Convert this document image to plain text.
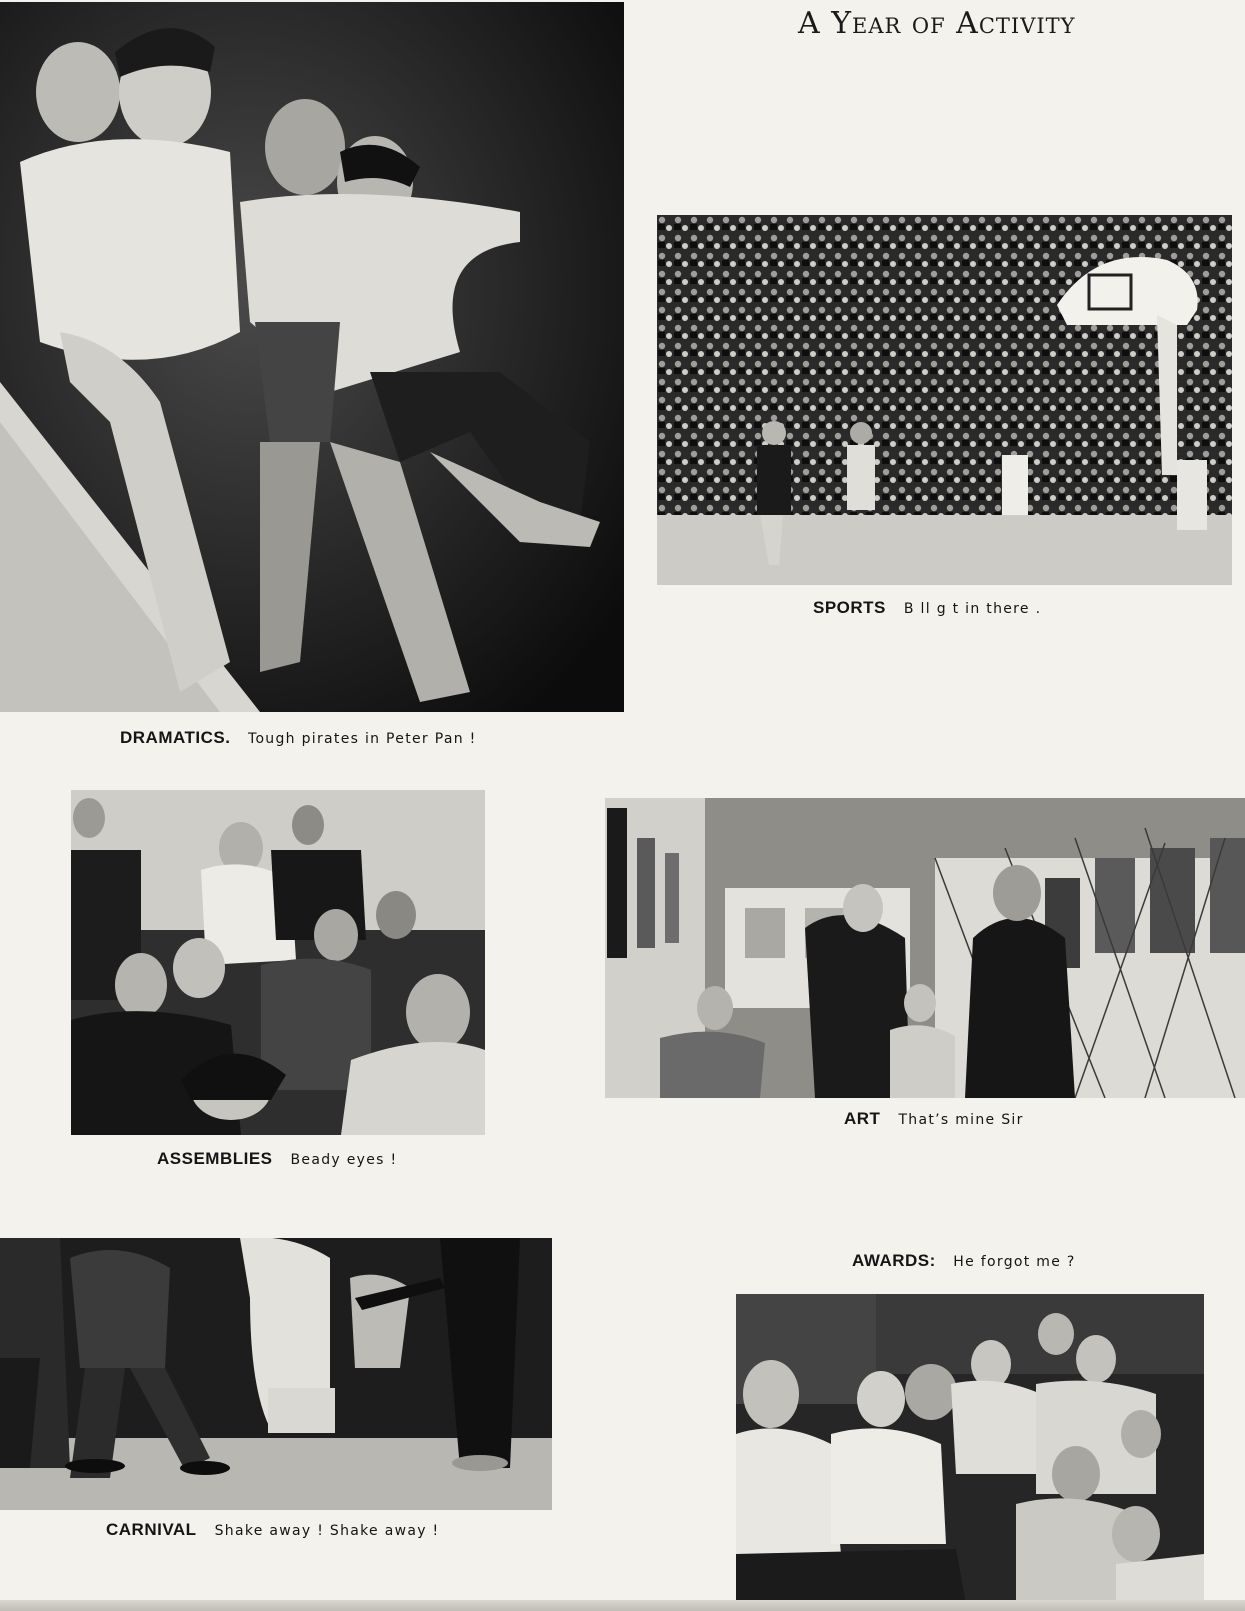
A Year of Activity
DRAMATICS. Tough pirates in Peter Pan !
SPORTS B ll g t in there .
ASSEMBLIES Beady eyes !
ART That’s mine Sir
CARNIVAL Shake away ! Shake away !
AWARDS: He forgot me ?
